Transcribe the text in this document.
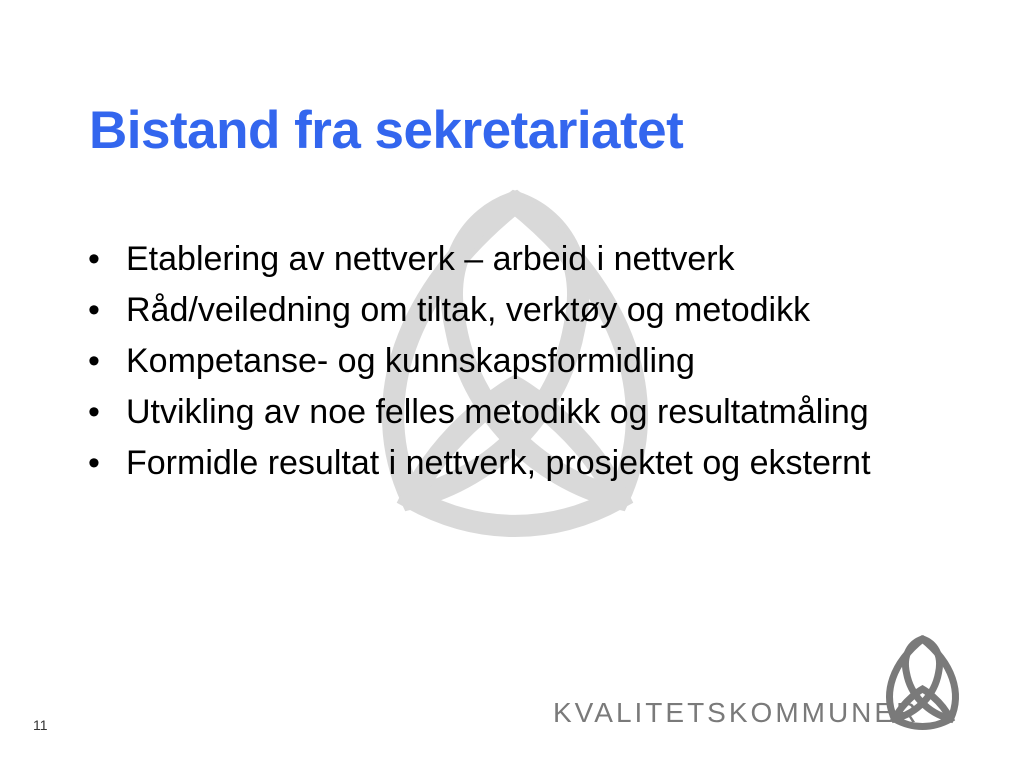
Bistand fra sekretariatet
• Etablering av nettverk – arbeid i nettverk
• Råd/veiledning om tiltak, verktøy og metodikk
• Kompetanse- og kunnskapsformidling
• Utvikling av noe felles metodikk og resultatmåling
• Formidle resultat i nettverk, prosjektet og eksternt
KVALITETSKOMMUNER
11
